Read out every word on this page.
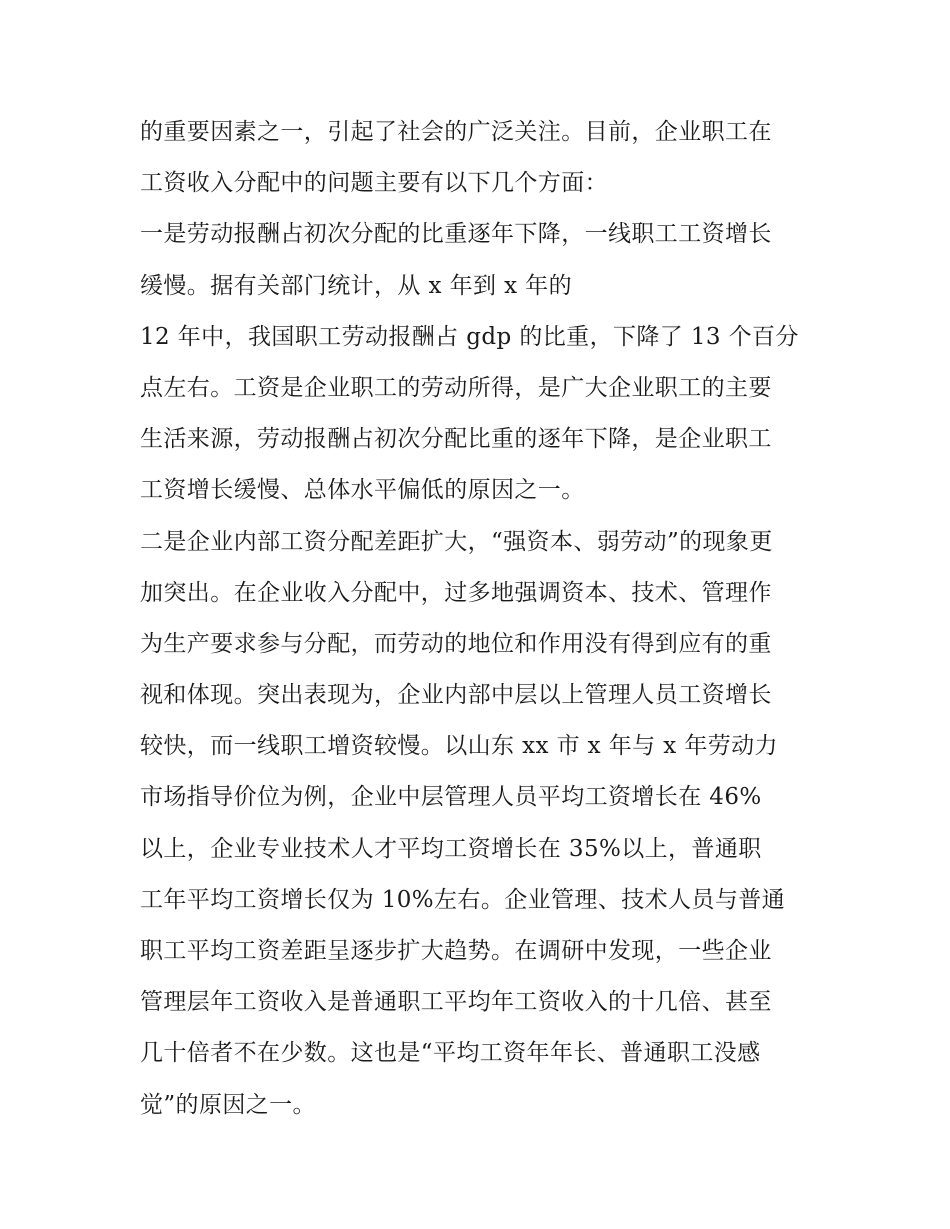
的重要因素之一，引起了社会的广泛关注。目前，企业职工在
工资收入分配中的问题主要有以下几个方面：
一是劳动报酬占初次分配的比重逐年下降，一线职工工资增长
缓慢。据有关部门统计，从 x 年到 x 年的
12 年中，我国职工劳动报酬占 gdp 的比重，下降了 13 个百分
点左右。工资是企业职工的劳动所得，是广大企业职工的主要
生活来源，劳动报酬占初次分配比重的逐年下降，是企业职工
工资增长缓慢、总体水平偏低的原因之一。
二是企业内部工资分配差距扩大，“强资本、弱劳动”的现象更
加突出。在企业收入分配中，过多地强调资本、技术、管理作
为生产要求参与分配，而劳动的地位和作用没有得到应有的重
视和体现。突出表现为，企业内部中层以上管理人员工资增长
较快，而一线职工增资较慢。以山东 xx 市 x 年与 x 年劳动力
市场指导价位为例，企业中层管理人员平均工资增长在 46%
以上，企业专业技术人才平均工资增长在 35%以上，普通职
工年平均工资增长仅为 10%左右。企业管理、技术人员与普通
职工平均工资差距呈逐步扩大趋势。在调研中发现，一些企业
管理层年工资收入是普通职工平均年工资收入的十几倍、甚至
几十倍者不在少数。这也是“平均工资年年长、普通职工没感
觉”的原因之一。
